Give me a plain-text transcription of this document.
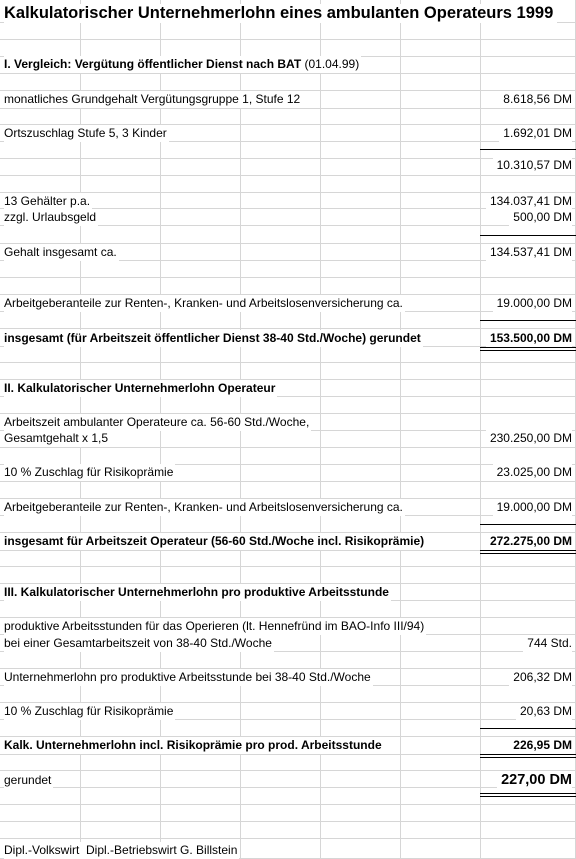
Kalkulatorischer Unternehmerlohn eines ambulanten Operateurs 1999
I. Vergleich: Vergütung öffentlicher Dienst nach BAT (01.04.99)
monatliches Grundgehalt Vergütungsgruppe 1, Stufe 12	8.618,56 DM
Ortszuschlag Stufe 5, 3 Kinder	1.692,01 DM
10.310,57 DM
13 Gehälter p.a.	134.037,41 DM
zzgl. Urlaubsgeld	500,00 DM
Gehalt insgesamt ca.	134.537,41 DM
Arbeitgeberanteile zur Renten-, Kranken- und Arbeitslosenversicherung ca.	19.000,00 DM
insgesamt (für Arbeitszeit öffentlicher Dienst 38-40 Std./Woche) gerundet	153.500,00 DM
II. Kalkulatorischer Unternehmerlohn Operateur
Arbeitszeit ambulanter Operateure ca. 56-60 Std./Woche,
Gesamtgehalt x 1,5	230.250,00 DM
10 % Zuschlag für Risikoprämie	23.025,00 DM
Arbeitgeberanteile zur Renten-, Kranken- und Arbeitslosenversicherung ca.	19.000,00 DM
insgesamt für Arbeitszeit Operateur (56-60 Std./Woche incl. Risikoprämie)	272.275,00 DM
III. Kalkulatorischer Unternehmerlohn pro produktive Arbeitsstunde
produktive Arbeitsstunden für das Operieren (lt. Hennefründ im BAO-Info III/94)
bei einer Gesamtarbeitszeit von 38-40 Std./Woche	744 Std.
Unternehmerlohn pro produktive Arbeitsstunde bei 38-40 Std./Woche	206,32 DM
10 % Zuschlag für Risikoprämie	20,63 DM
Kalk. Unternehmerlohn incl. Risikoprämie pro prod. Arbeitsstunde	226,95 DM
gerundet	227,00 DM
Dipl.-Volkswirt  Dipl.-Betriebswirt G. Billstein
